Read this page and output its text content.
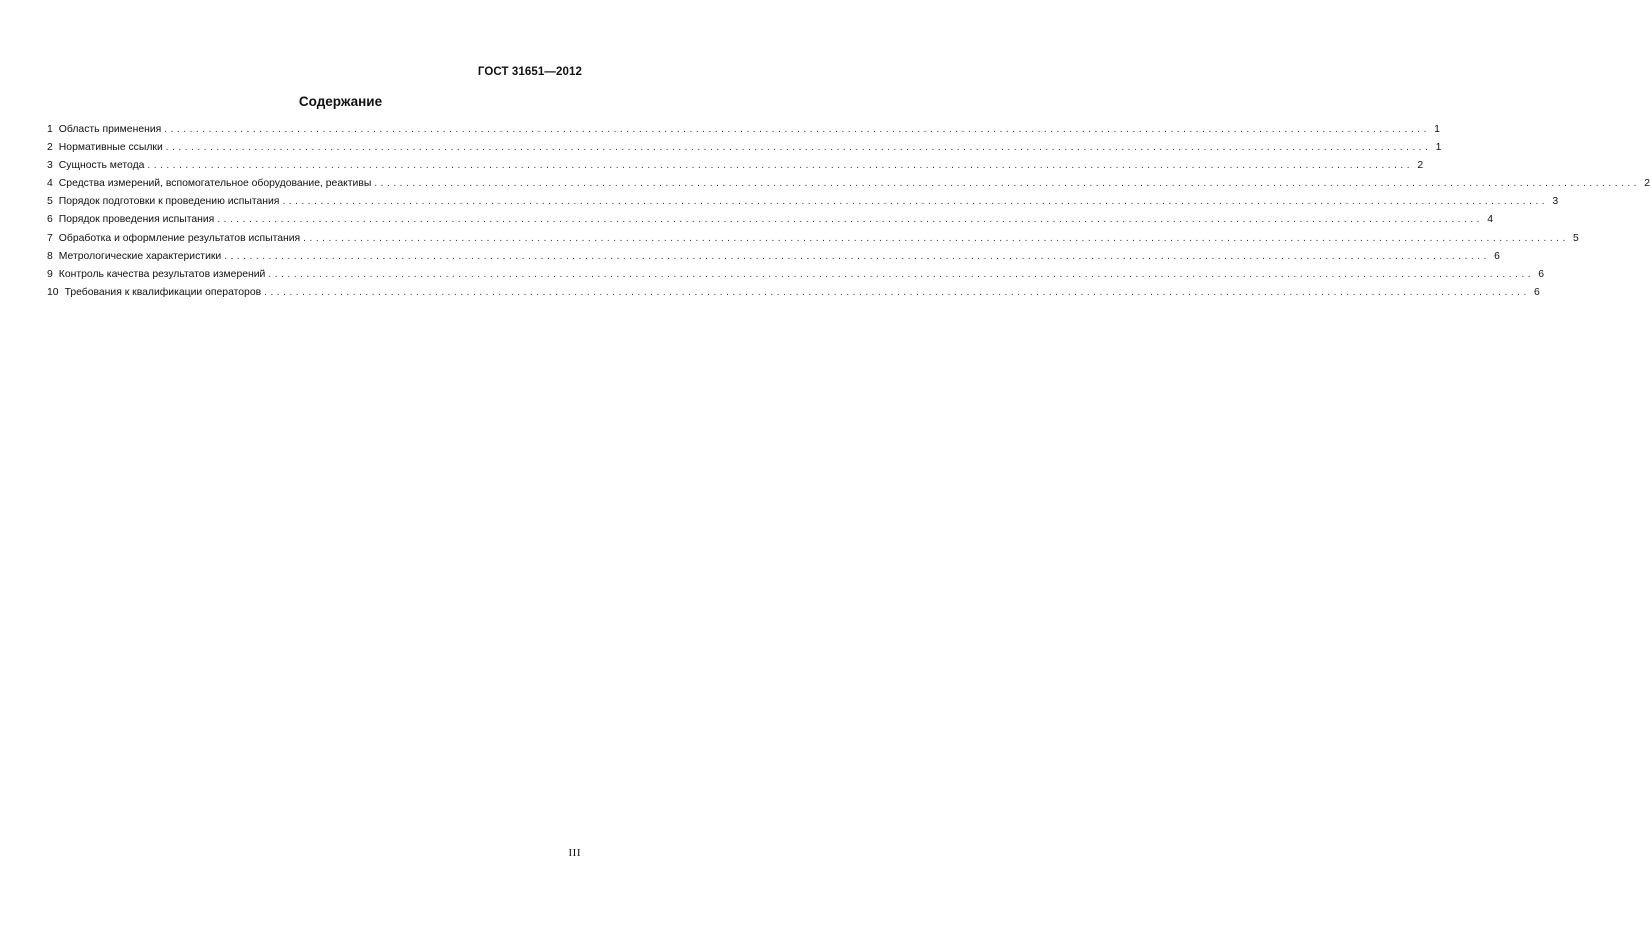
ГОСТ 31651—2012
Содержание
1 Область применения ........................................................................................................................................................................................................ 1
2 Нормативные ссылки ........................................................................................................................................................................................................ 1
3 Сущность метода ........................................................................................................................................................................................................ 2
4 Средства измерений, вспомогательное оборудование, реактивы ........................................................................................................................................................................................................ 2
5 Порядок подготовки к проведению испытания ........................................................................................................................................................................................................ 3
6 Порядок проведения испытания ........................................................................................................................................................................................................ 4
7 Обработка и оформление результатов испытания ........................................................................................................................................................................................................ 5
8 Метрологические характеристики ........................................................................................................................................................................................................ 6
9 Контроль качества результатов измерений ........................................................................................................................................................................................................ 6
10 Требования к квалификации операторов ........................................................................................................................................................................................................ 6
III
